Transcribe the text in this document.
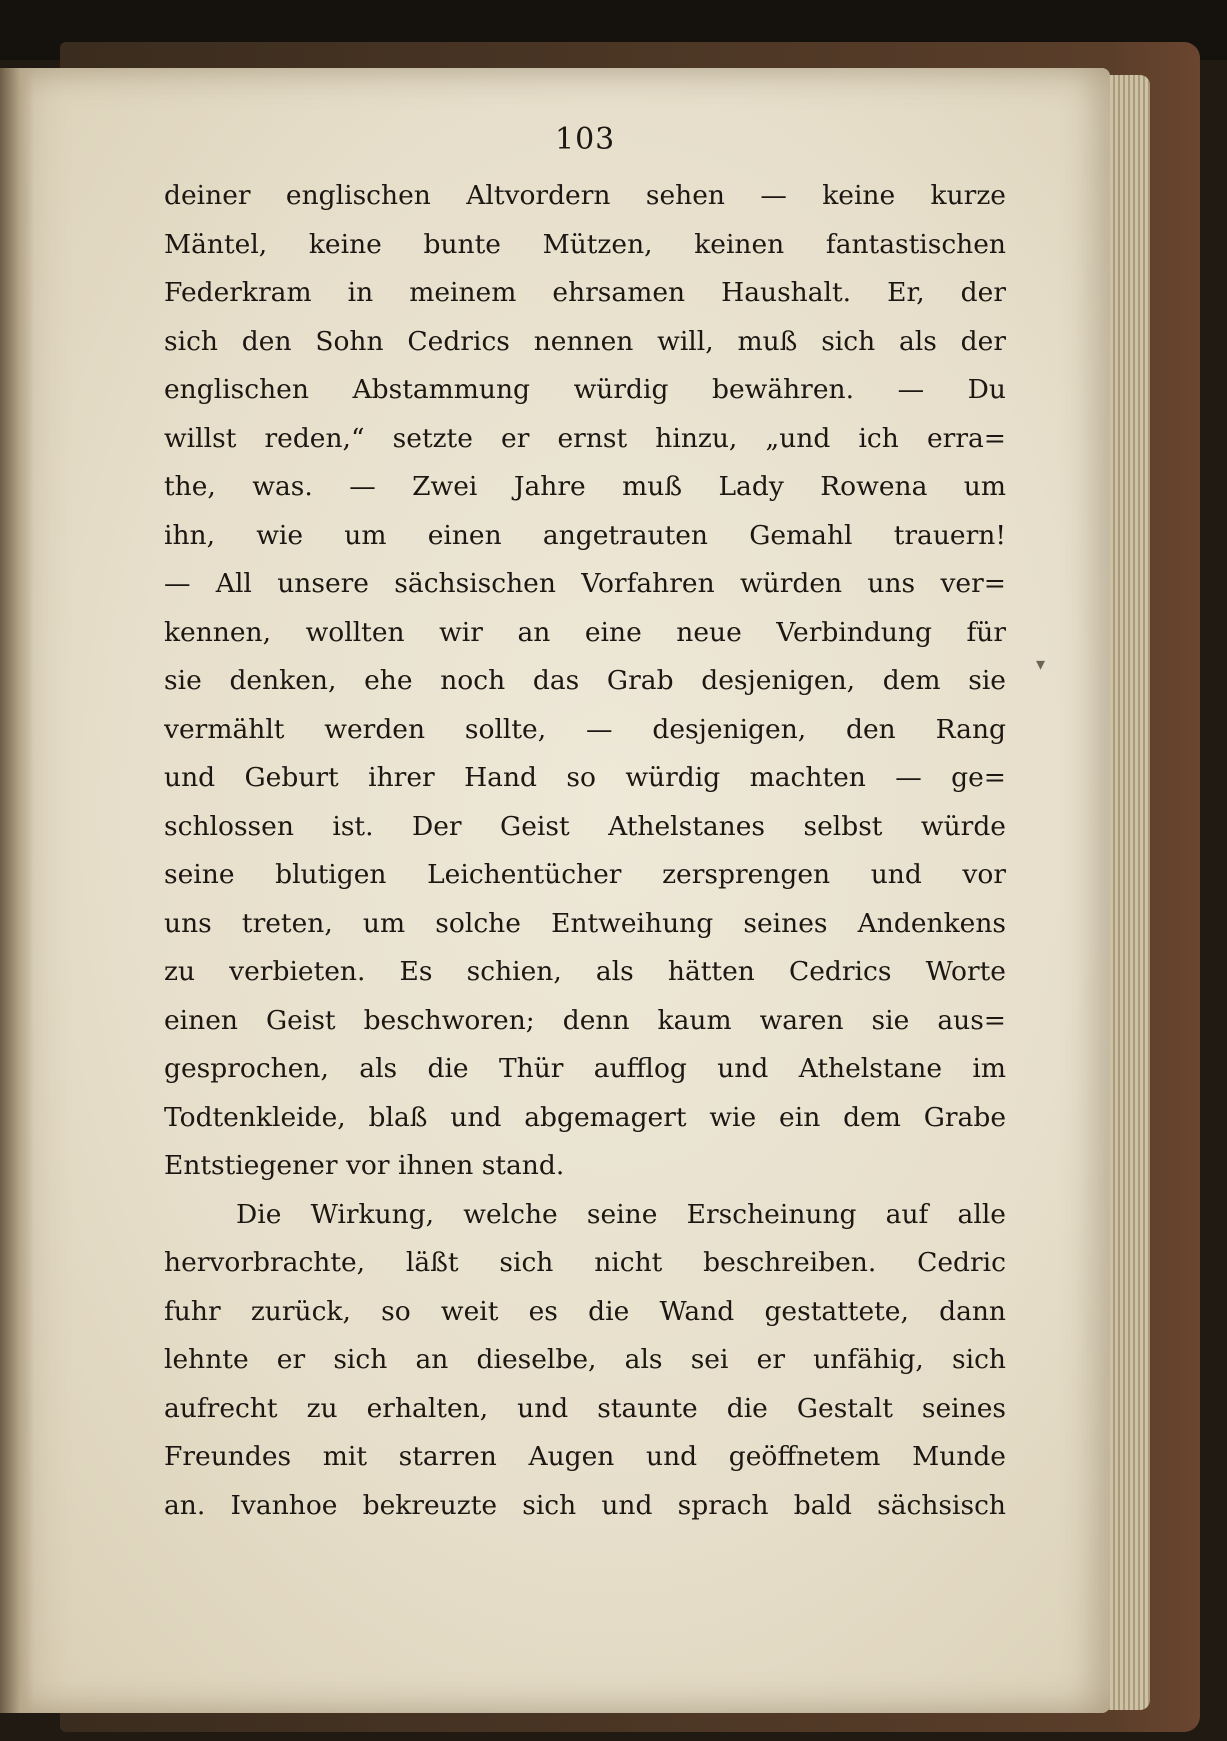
103
deiner englischen Altvordern sehen — keine kurze
Mäntel, keine bunte Mützen, keinen fantastischen
Federkram in meinem ehrsamen Haushalt. Er, der
sich den Sohn Cedrics nennen will, muß sich als der
englischen Abstammung würdig bewähren. — Du
willst reden,“ setzte er ernst hinzu, „und ich erra=
the, was. — Zwei Jahre muß Lady Rowena um
ihn, wie um einen angetrauten Gemahl trauern!
— All unsere sächsischen Vorfahren würden uns ver=
kennen, wollten wir an eine neue Verbindung für
sie denken, ehe noch das Grab desjenigen, dem sie
vermählt werden sollte, — desjenigen, den Rang
und Geburt ihrer Hand so würdig machten — ge=
schlossen ist. Der Geist Athelstanes selbst würde
seine blutigen Leichentücher zersprengen und vor
uns treten, um solche Entweihung seines Andenkens
zu verbieten. Es schien, als hätten Cedrics Worte
einen Geist beschworen; denn kaum waren sie aus=
gesprochen, als die Thür aufflog und Athelstane im
Todtenkleide, blaß und abgemagert wie ein dem Grabe
Entstiegener vor ihnen stand.
Die Wirkung, welche seine Erscheinung auf alle
hervorbrachte, läßt sich nicht beschreiben. Cedric
fuhr zurück, so weit es die Wand gestattete, dann
lehnte er sich an dieselbe, als sei er unfähig, sich
aufrecht zu erhalten, und staunte die Gestalt seines
Freundes mit starren Augen und geöffnetem Munde
an. Ivanhoe bekreuzte sich und sprach bald sächsisch
▾
